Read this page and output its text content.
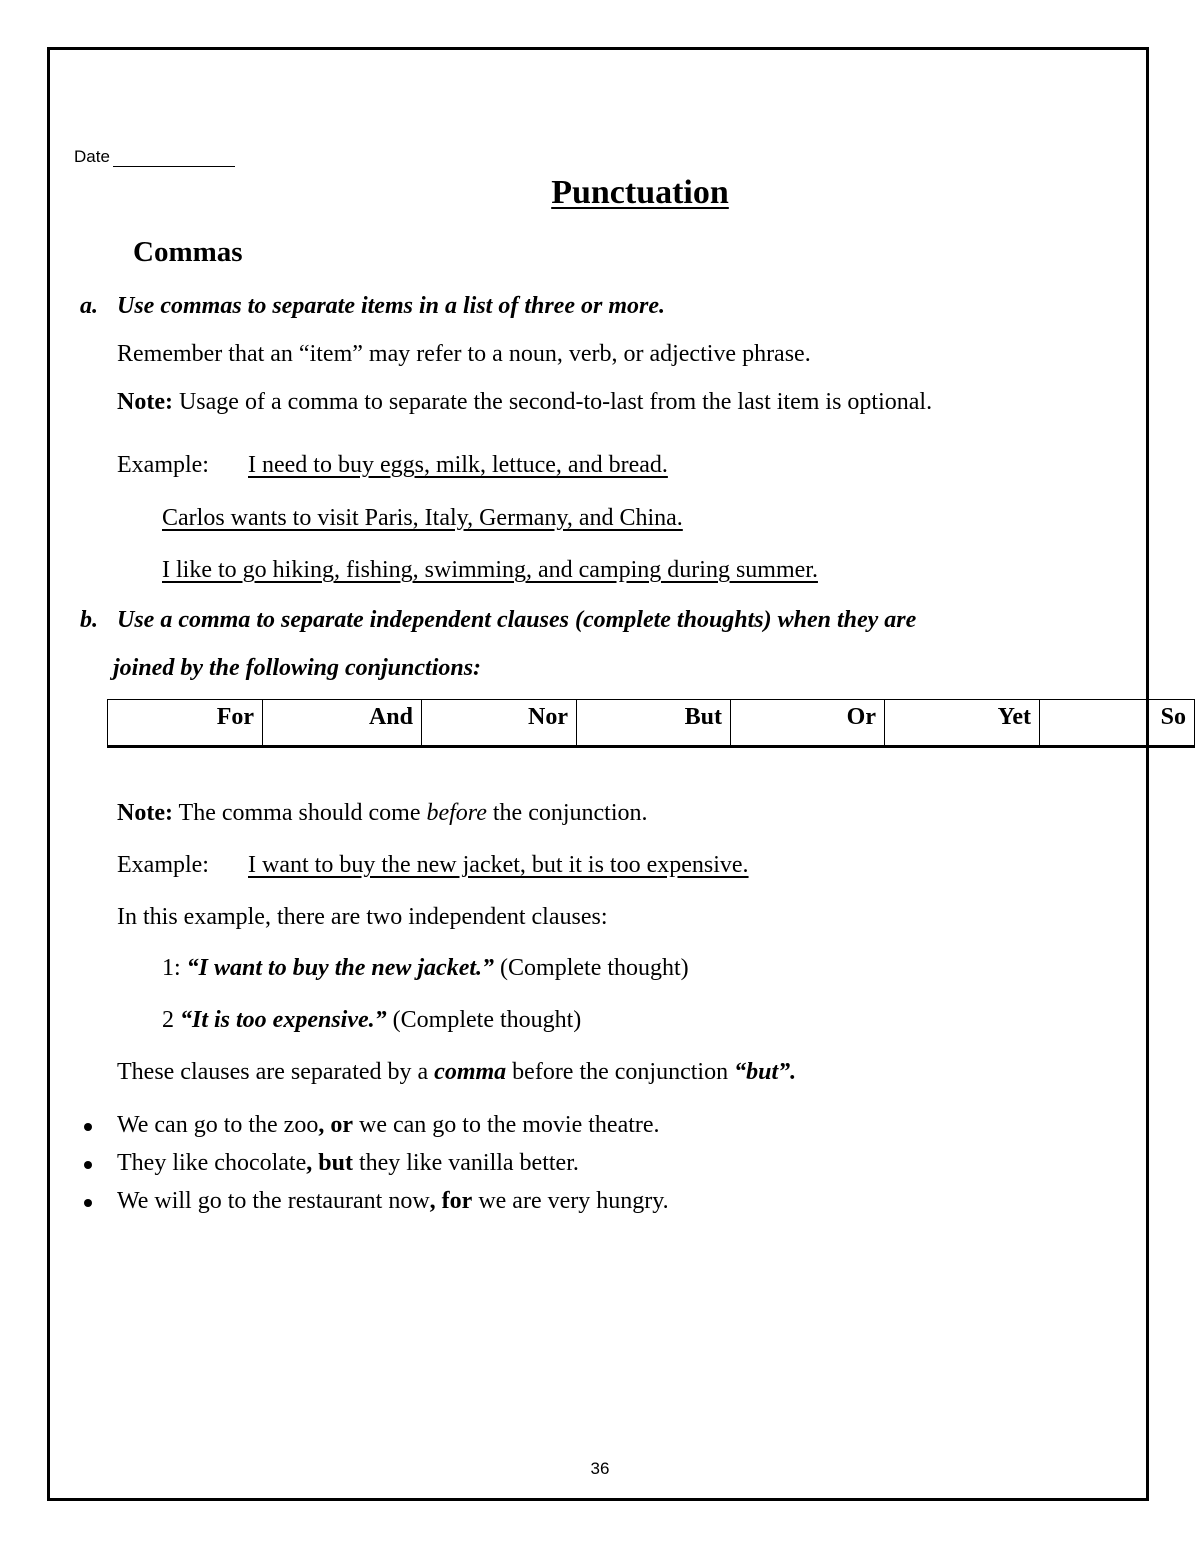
Date
Punctuation
Commas
a. Use commas to separate items in a list of three or more.
Remember that an “item” may refer to a noun, verb, or adjective phrase.
Note: Usage of a comma to separate the second-to-last from the last item is optional.
Example: I need to buy eggs, milk, lettuce, and bread.
Carlos wants to visit Paris, Italy, Germany, and China.
I like to go hiking, fishing, swimming, and camping during summer.
b. Use a comma to separate independent clauses (complete thoughts) when they are
joined by the following conjunctions:
For	And	Nor	But	Or	Yet	So
Note: The comma should come before the conjunction.
Example: I want to buy the new jacket, but it is too expensive.
In this example, there are two independent clauses:
1: “I want to buy the new jacket.” (Complete thought)
2 “It is too expensive.” (Complete thought)
These clauses are separated by a comma before the conjunction “but”.
We can go to the zoo, or we can go to the movie theatre.
They like chocolate, but they like vanilla better.
We will go to the restaurant now, for we are very hungry.
36
